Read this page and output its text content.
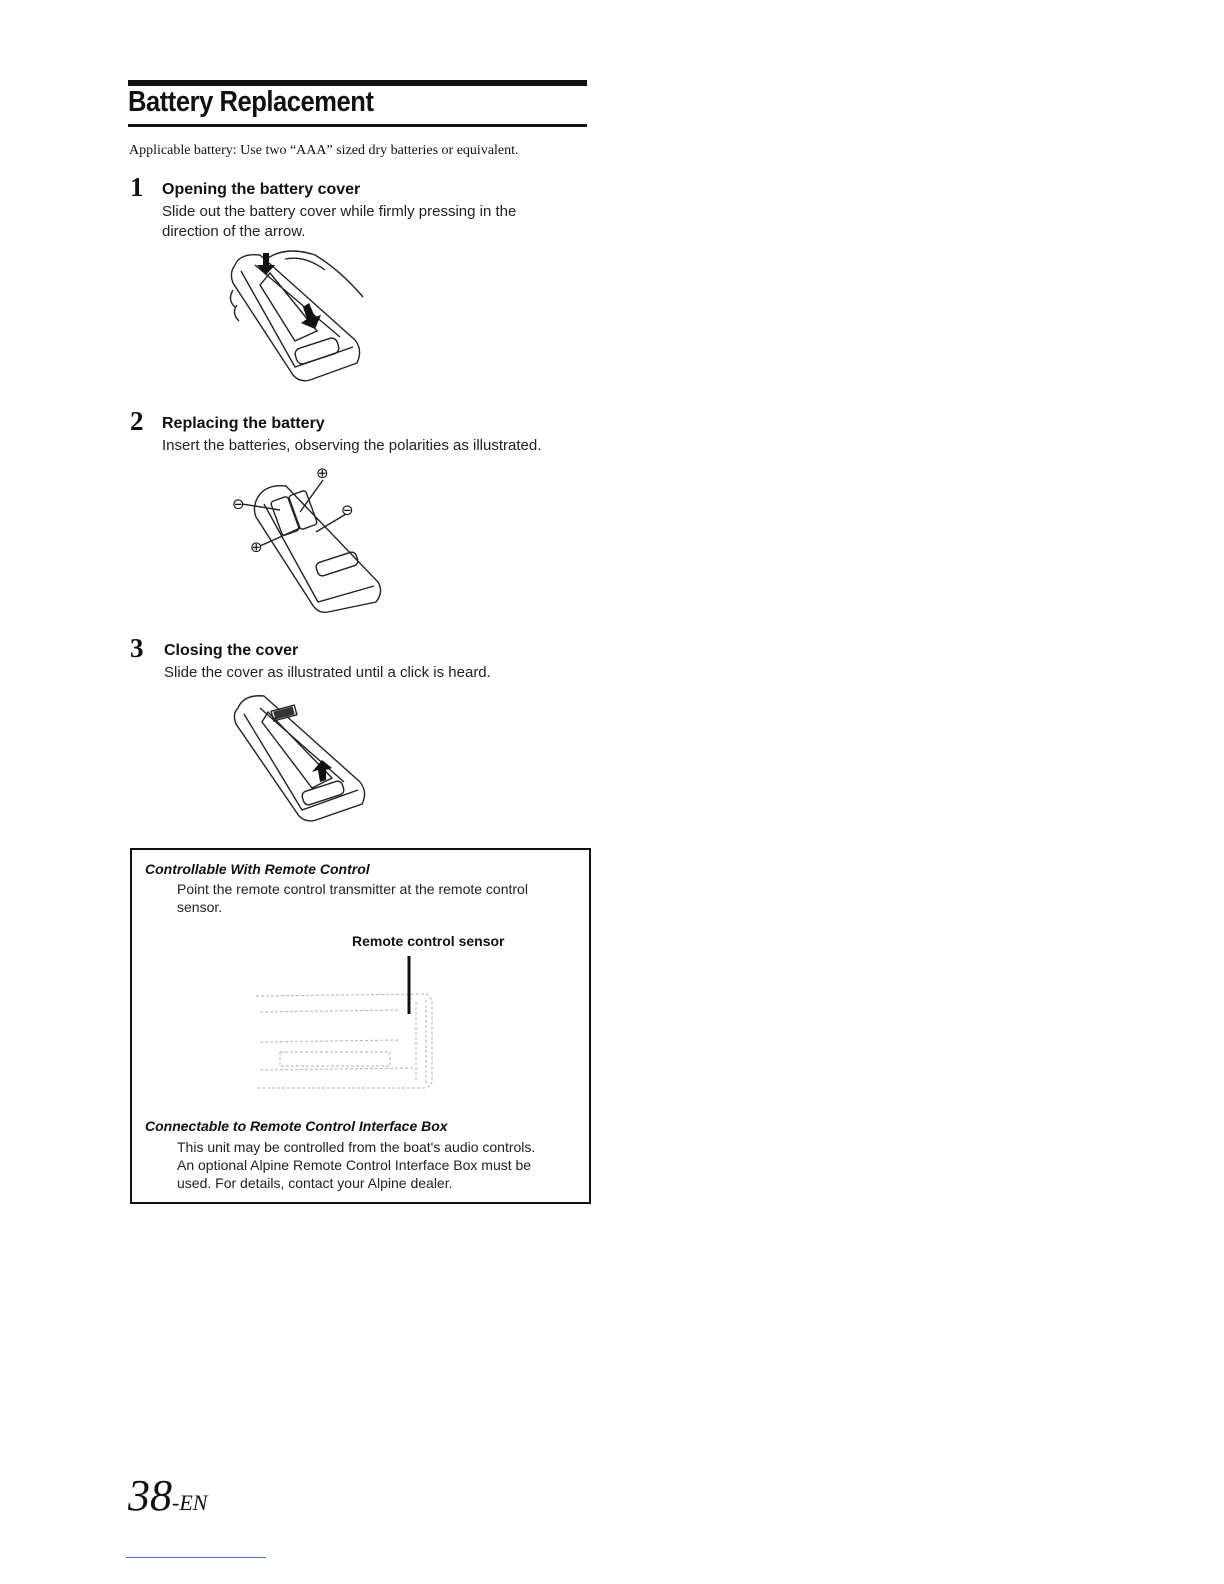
Battery Replacement
Applicable battery: Use two “AAA” sized dry batteries or equivalent.
1 Opening the battery cover
Slide out the battery cover while firmly pressing in the
direction of the arrow.
2 Replacing the battery
Insert the batteries, observing the polarities as illustrated.
⊕
⊖	⊖
⊕
3 Closing the cover
Slide the cover as illustrated until a click is heard.
Controllable With Remote Control
Point the remote control transmitter at the remote control
sensor.
Remote control sensor
Connectable to Remote Control Interface Box
This unit may be controlled from the boat's audio controls.
An optional Alpine Remote Control Interface Box must be
used. For details, contact your Alpine dealer.
38-EN
